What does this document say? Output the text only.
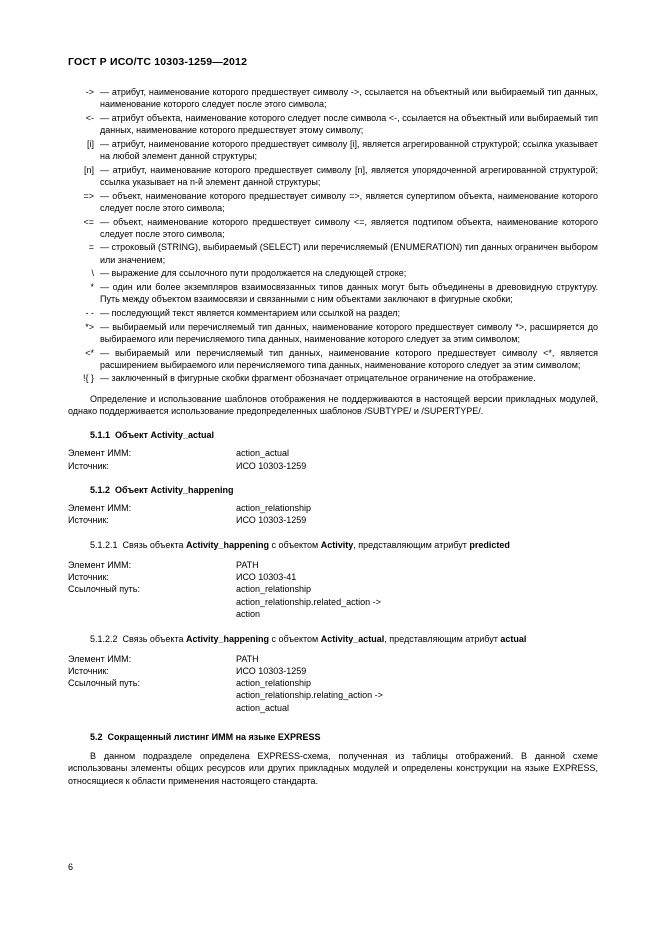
ГОСТ Р ИСО/ТС 10303-1259—2012
-> — атрибут, наименование которого предшествует символу ->, ссылается на объектный или выбираемый тип данных, наименование которого следует после этого символа;
<- — атрибут объекта, наименование которого следует после символа <-, ссылается на объектный или выбираемый тип данных, наименование которого предшествует этому символу;
[i] — атрибут, наименование которого предшествует символу [i], является агрегированной структурой; ссылка указывает на любой элемент данной структуры;
[n] — атрибут, наименование которого предшествует символу [n], является упорядоченной агрегированной структурой; ссылка указывает на n-й элемент данной структуры;
=> — объект, наименование которого предшествует символу =>, является супертипом объекта, наименование которого следует после этого символа;
<= — объект, наименование которого предшествует символу <=, является подтипом объекта, наименование которого следует после этого символа;
= — строковый (STRING), выбираемый (SELECT) или перечисляемый (ENUMERATION) тип данных ограничен выбором или значением;
\ — выражение для ссылочного пути продолжается на следующей строке;
* — один или более экземпляров взаимосвязанных типов данных могут быть объединены в древовидную структуру. Путь между объектом взаимосвязи и связанными с ним объектами заключают в фигурные скобки;
- - — последующий текст является комментарием или ссылкой на раздел;
*> — выбираемый или перечисляемый тип данных, наименование которого предшествует символу *>, расширяется до выбираемого или перечисляемого типа данных, наименование которого следует за этим символом;
<* — выбираемый или перечисляемый тип данных, наименование которого предшествует символу <*, является расширением выбираемого или перечисляемого типа данных, наименование которого следует за этим символом;
!{ } — заключенный в фигурные скобки фрагмент обозначает отрицательное ограничение на отображение.
Определение и использование шаблонов отображения не поддерживаются в настоящей версии прикладных модулей, однако поддерживается использование предопределенных шаблонов /SUBTYPE/ и /SUPERTYPE/.
5.1.1 Объект Activity_actual
Элемент ИММ:	action_actual
Источник:	ИСО 10303-1259
5.1.2 Объект Activity_happening
Элемент ИММ:	action_relationship
Источник:	ИСО 10303-1259
5.1.2.1 Связь объекта Activity_happening с объектом Activity, представляющим атрибут predicted
Элемент ИММ:	PATH
Источник:	ИСО 10303-41
Ссылочный путь:	action_relationship
	action_relationship.related_action ->
	action
5.1.2.2 Связь объекта Activity_happening с объектом Activity_actual, представляющим атрибут actual
Элемент ИММ:	PATH
Источник:	ИСО 10303-1259
Ссылочный путь:	action_relationship
	action_relationship.relating_action ->
	action_actual
5.2 Сокращенный листинг ИММ на языке EXPRESS
В данном подразделе определена EXPRESS-схема, полученная из таблицы отображений. В данной схеме использованы элементы общих ресурсов или других прикладных модулей и определены конструкции на языке EXPRESS, относящиеся к области применения настоящего стандарта.
6
